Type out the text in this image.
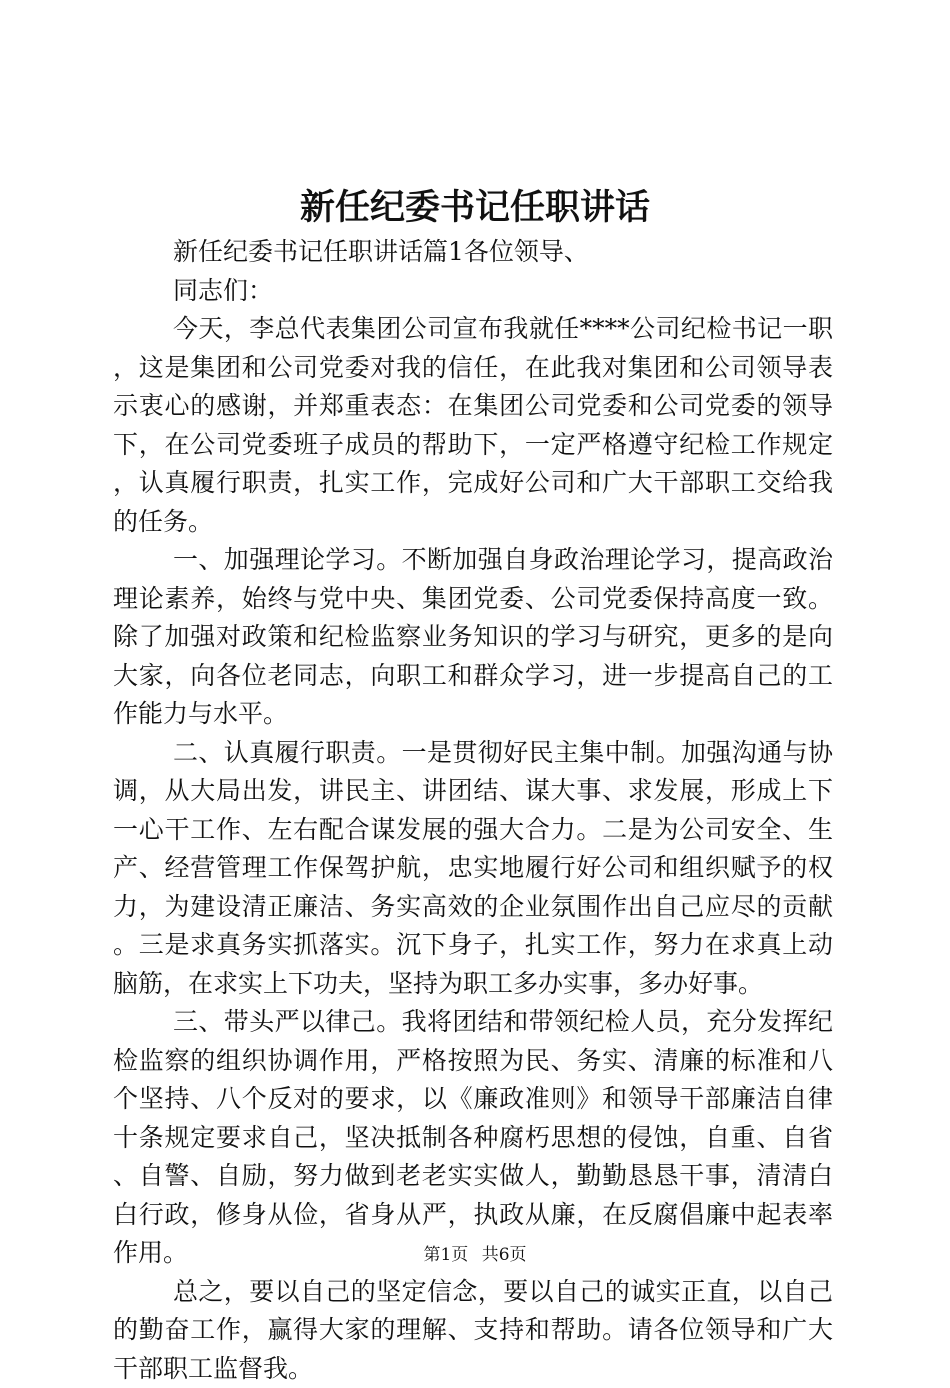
新任纪委书记任职讲话

新任纪委书记任职讲话篇1各位领导、

同志们：

今天，李总代表集团公司宣布我就任****公司纪检书记一职，这是集团和公司党委对我的信任，在此我对集团和公司领导表示衷心的感谢，并郑重表态：在集团公司党委和公司党委的领导下，在公司党委班子成员的帮助下，一定严格遵守纪检工作规定，认真履行职责，扎实工作，完成好公司和广大干部职工交给我的任务。

一、加强理论学习。不断加强自身政治理论学习，提高政治理论素养，始终与党中央、集团党委、公司党委保持高度一致。除了加强对政策和纪检监察业务知识的学习与研究，更多的是向大家，向各位老同志，向职工和群众学习，进一步提高自己的工作能力与水平。

二、认真履行职责。一是贯彻好民主集中制。加强沟通与协调，从大局出发，讲民主、讲团结、谋大事、求发展，形成上下一心干工作、左右配合谋发展的强大合力。二是为公司安全、生产、经营管理工作保驾护航，忠实地履行好公司和组织赋予的权力，为建设清正廉洁、务实高效的企业氛围作出自己应尽的贡献。三是求真务实抓落实。沉下身子，扎实工作，努力在求真上动脑筋，在求实上下功夫，坚持为职工多办实事，多办好事。

三、带头严以律己。我将团结和带领纪检人员，充分发挥纪检监察的组织协调作用，严格按照为民、务实、清廉的标准和八个坚持、八个反对的要求，以《廉政准则》和领导干部廉洁自律十条规定要求自己，坚决抵制各种腐朽思想的侵蚀，自重、自省、自警、自励，努力做到老老实实做人，勤勤恳恳干事，清清白白行政，修身从俭，省身从严，执政从廉，在反腐倡廉中起表率作用。

总之，要以自己的坚定信念，要以自己的诚实正直，以自己的勤奋工作，赢得大家的理解、支持和帮助。请各位领导和广大干部职工监督我。

第1页 共6页
